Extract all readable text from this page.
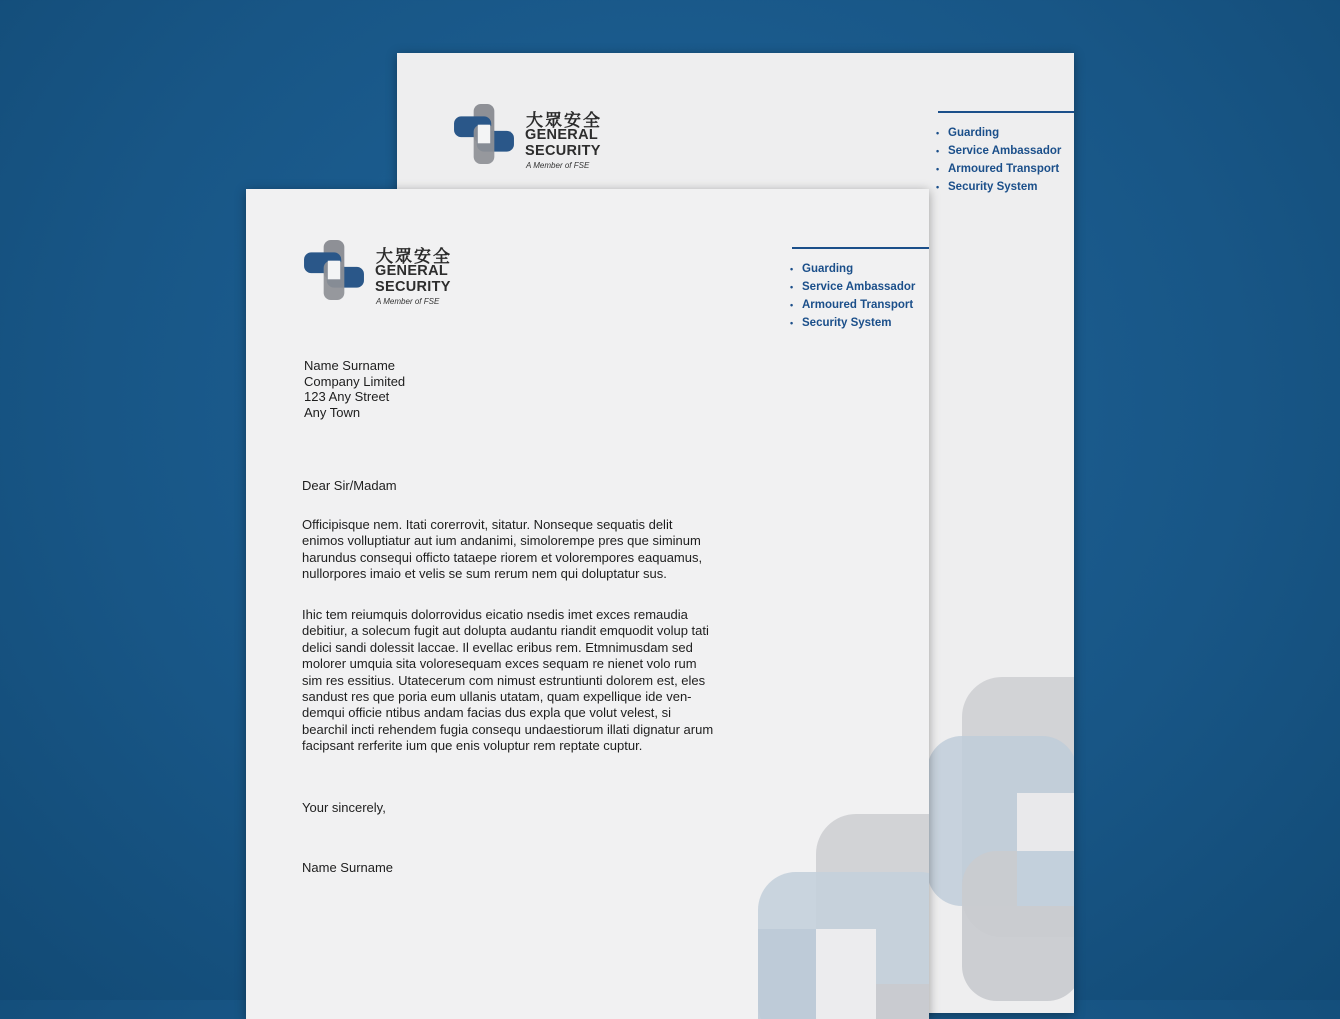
大眾安全
GENERAL
SECURITY
A Member of FSE
• Guarding
• Service Ambassador
• Armoured Transport
• Security System
大眾安全
GENERAL
SECURITY
A Member of FSE
• Guarding
• Service Ambassador
• Armoured Transport
• Security System
Name Surname
Company Limited
123 Any Street
Any Town
Dear Sir/Madam
Officipisque nem. Itati corerrovit, sitatur. Nonseque sequatis delit
enimos volluptiatur aut ium andanimi, simolorempe pres que siminum
harundus consequi officto tataepe riorem et volorempores eaquamus,
nullorpores imaio et velis se sum rerum nem qui doluptatur sus.
Ihic tem reiumquis dolorrovidus eicatio nsedis imet exces remaudia
debitiur, a solecum fugit aut dolupta audantu riandit emquodit volup tati
delici sandi dolessit laccae. Il evellac eribus rem. Etmnimusdam sed
molorer umquia sita voloresequam exces sequam re nienet volo rum
sim res essitius. Utatecerum com nimust estruntiunti dolorem est, eles
sandust res que poria eum ullanis utatam, quam expellique ide ven-
demqui officie ntibus andam facias dus expla que volut velest, si
bearchil incti rehendem fugia consequ undaestiorum illati dignatur arum
facipsant rerferite ium que enis voluptur rem reptate cuptur.
Your sincerely,
Name Surname
